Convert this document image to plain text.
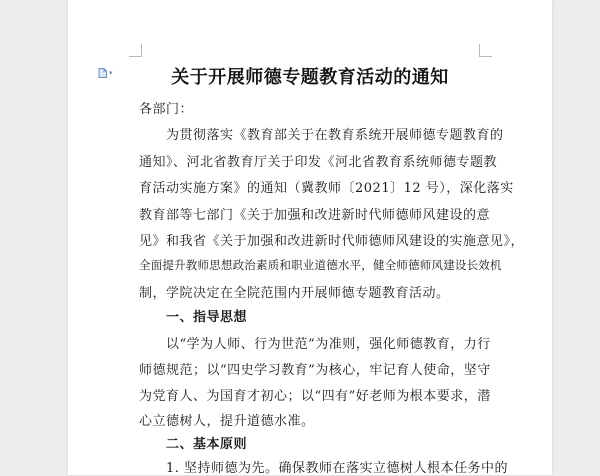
▾	关于开展师德专题教育活动的通知
各部门：
为贯彻落实《教育部关于在教育系统开展师德专题教育的
通知》、河北省教育厅关于印发《河北省教育系统师德专题教
育活动实施方案》的通知（冀教师〔2021〕12 号），深化落实
教育部等七部门《关于加强和改进新时代师德师风建设的意
见》和我省《关于加强和改进新时代师德师风建设的实施意见》，
全面提升教师思想政治素质和职业道德水平，健全师德师风建设长效机
制，学院决定在全院范围内开展师德专题教育活动。
一、指导思想
以“学为人师、行为世范”为准则，强化师德教育，力行
师德规范；以“四史学习教育”为核心，牢记育人使命，坚守
为党育人、为国育才初心；以“四有”好老师为根本要求，潜
心立德树人，提升道德水准。
二、基本原则
1. 坚持师德为先。确保教师在落实立德树人根本任务中的
